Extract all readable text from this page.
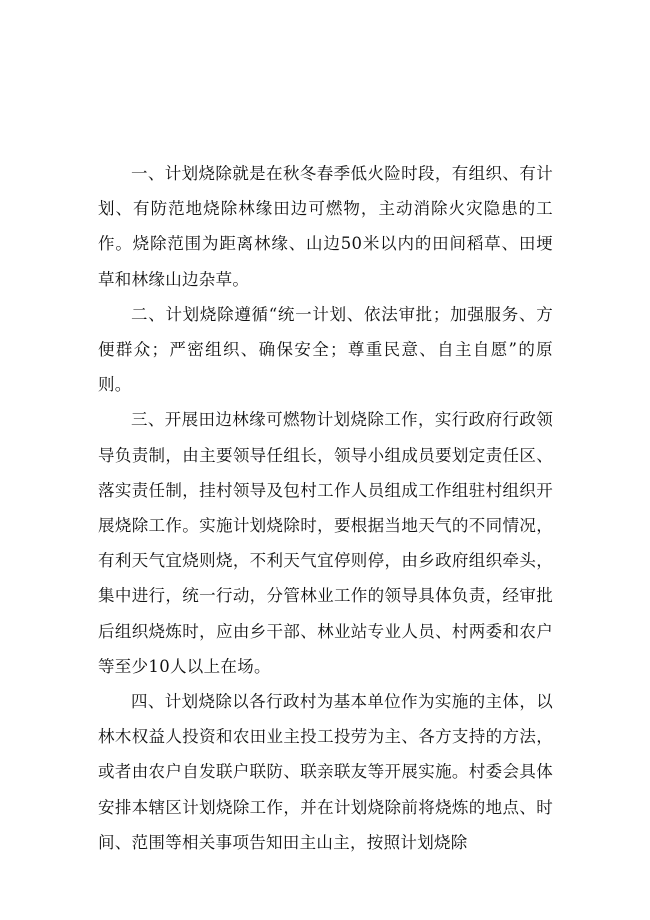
一、计划烧除就是在秋冬春季低火险时段，有组织、有计划、有防范地烧除林缘田边可燃物，主动消除火灾隐患的工作。烧除范围为距离林缘、山边50米以内的田间稻草、田埂草和林缘山边杂草。

二、计划烧除遵循“统一计划、依法审批；加强服务、方便群众；严密组织、确保安全；尊重民意、自主自愿”的原则。

三、开展田边林缘可燃物计划烧除工作，实行政府行政领导负责制，由主要领导任组长，领导小组成员要划定责任区、落实责任制，挂村领导及包村工作人员组成工作组驻村组织开展烧除工作。实施计划烧除时，要根据当地天气的不同情况，有利天气宜烧则烧，不利天气宜停则停，由乡政府组织牵头，集中进行，统一行动，分管林业工作的领导具体负责，经审批后组织烧炼时，应由乡干部、林业站专业人员、村两委和农户等至少10人以上在场。

四、计划烧除以各行政村为基本单位作为实施的主体，以林木权益人投资和农田业主投工投劳为主、各方支持的方法，或者由农户自发联户联防、联亲联友等开展实施。村委会具体安排本辖区计划烧除工作，并在计划烧除前将烧炼的地点、时间、范围等相关事项告知田主山主，按照计划烧除
